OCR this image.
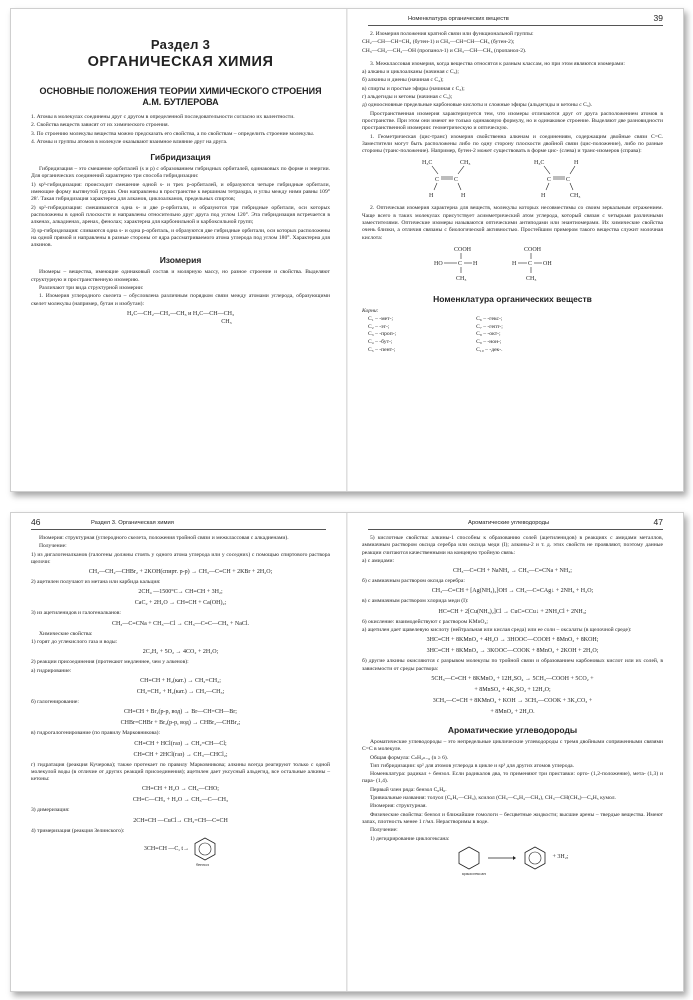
Раздел 3
ОРГАНИЧЕСКАЯ ХИМИЯ
ОСНОВНЫЕ ПОЛОЖЕНИЯ ТЕОРИИ ХИМИЧЕСКОГО СТРОЕНИЯ А.М. БУТЛЕРОВА

1. Атомы в молекулах соединены друг с другом в определенной последовательности согласно их валентности.

2. Свойства веществ зависят от их химического строения.

3. По строению молекулы вещества можно предсказать его свойства, а по свойствам – определить строение молекулы.

4. Атомы и группы атомов в молекуле оказывают взаимное влияние друг на друга.

Гибридизация

Гибридизация – это смешение орбиталей (s и p) с образованием гибридных орбиталей, одинаковых по форме и энергии. Для органических соединений характерно три способа гибридизации:

1) sp³-гибридизация: происходит смешение одной s- и трех p-орбиталей, и образуются четыре гибридные орбитали, имеющие форму вытянутой груши. Они направлены в пространстве к вершинам тетраэдра, и углы между ними равны 109° 28′. Такая гибридизация характерна для алканов, циклоалканов, предельных спиртов;

2) sp²-гибридизация: смешиваются одна s- и две p-орбитали, и образуются три гибридные орбитали, оси которых расположены в одной плоскости и направлены относительно друг друга под углом 120°. Эта гибридизация встречается в алкенах, алкадиенах, аренах, фенолах; характерна для карбонильной и карбоксильной групп;

3) sp-гибридизация: сливаются одна s- и одна p-орбиталь, и образуются две гибридные орбитали, оси которых расположены на одной прямой и направлены в разные стороны от ядра рассматриваемого атома углерода под углом 180°. Характерна для алкинов.

Изомерия

Изомеры – вещества, имеющие одинаковый состав и молярную массу, но разное строение и свойства. Выделяют структурную и пространственную изомерию.

Различают три вида структурной изомерии:

1. Изомерия углеродного скелета – обусловлена различным порядком связи между атомами углерода, образующими скелет молекулы (например, бутан и изобутан):

H₃C—CH₂—CH₂—CH₃ и H₃C—CH—CH₃
CH₃
Номенклатура органических веществ	39

2. Изомерия положения кратной связи или функциональной группы:

CH₂—CH—CH=CH₂ (бутен-1) и CH₃—CH=CH—CH₃ (бутен-2);

CH₃—CH₂—CH₂—OH (пропанол-1) и CH₃—CH—CH₃ (пропанол-2).

3. Межклассовая изомерия, когда вещества относятся к разным классам, но при этом являются изомерами:

а) алканы и циклоалканы (начиная с C₃);

б) алкины и диены (начиная с C₄);

в) спирты и простые эфиры (начиная с C₂);

г) альдегиды и кетоны (начиная с C₃);

д) одноосновные предельные карбоновые кислоты и сложные эфиры (альдегиды и кетоны с C₃).

Пространственная изомерия характеризуется тем, что изомеры отличаются друг от друга расположением атомов в пространстве. При этом они имеют не только одинаковую формулу, но и одинаковое строение. Выделяют две разновидности пространственной изомерии: геометрическую и оптическую.

1. Геометрическая (цис-транс) изомерия свойственна алкенам и соединениям, содержащим двойные связи C=C. Заместители могут быть расположены либо по одну сторону плоскости двойной связи (цис-положение), либо по разные стороны (транс-положение). Например, бутен-2 может существовать в форме цис- (слева) и транс-изомеров (справа):

H₃C	CH₃
C C
H	H
H₃C	H
C C
H	CH₃

2. Оптическая изомерия характерна для веществ, молекулы которых несовместимы со своим зеркальным отражением. Чаще всего в таких молекулах присутствует асимметрический атом углерода, который связан с четырьмя различными заместителями. Оптические изомеры называются оптическими антиподами или энантиомерами. Их химические свойства очень близки, а отличия связаны с биологической активностью. Простейшим примером такого вещества служит молочная кислота:

COOH
HO	C H
CH₃
COOH
H C OH
CH₃
Номенклатура органических веществ

Корни:

C₁ – -мет-;
C₂ – -эт-;
C₃ – -проп-;
C₄ – -бут-;
C₅ – -пент-;
C₆ – -гекс-;
C₇ – -гепт-;
C₈ – -окт-;
C₉ – -нон-;
C₁₀ – -дек-.
46	Раздел 3. Органическая химия

Изомерия: структурная (углеродного скелета, положения тройной связи и межклассовая с алкадиенами).

Получение:

1) из дигалогеналканов (галогены должны стоять у одного атома углерода или у соседних) с помощью спиртового раствора щелочи:

CH₃—CH₂—CHBr₂ + 2KOH(спирт. р-р) → CH₃—C≡CH + 2KBr + 2H₂O;

2) ацетилен получают из метана или карбида кальция:

2CH₄ —1500°C→ CH≡CH + 3H₂;
CaC₂ + 2H₂O → CH≡CH + Ca(OH)₂;

3) из ацетиленидов и галогеналканов:

CH₃—C≡CNa + CH₃—Cl → CH₃—C≡C—CH₃ + NaCl.

Химические свойства:

1) горят до углекислого газа и воды:

2C₂H₂ + 5O₂ → 4CO₂ + 2H₂O;

2) реакции присоединения (протекают медленнее, чем у алкенов):

а) гидрирование:

CH≡CH + H₂(кат.) → CH₂=CH₂;
CH₂=CH₂ + H₂(кат.) → CH₃—CH₃;

б) галогенирование:

CH≡CH + Br₂(р-р, вод) → Br—CH=CH—Br;
CHBr=CHBr + Br₂(р-р, вод) → CHBr₂—CHBr₂;

в) гидрогалогенирование (по правилу Марковникова):

CH≡CH + HCl(газ) → CH₂=CH—Cl;
CH≡CH + 2HCl(газ) → CH₃—CHCl₂;

г) гидратация (реакция Кучерова); также протекает по правилу Марковникова; алкины всегда реагируют только с одной молекулой воды (в отличие от других реакций присоединения); ацетилен дает уксусный альдегид, все остальные алкины – кетоны:

CH≡CH + H₂O → CH₃—CHO;
CH≡C—CH₃ + H₂O → CH₃—C—CH₃

3) димеризация:

2CH≡CH —CuCl→ CH₂=CH—C≡CH

4) тримеризация (реакция Зелинского):

3CH≡CH —C, t→
бензол
Ароматические углеводороды	47

5) кислотные свойства: алкины-1 способны к образованию солей (ацетиленидов) в реакциях с амидами металлов, аммиачным раствором оксида серебра или оксида меди (I); алкины-2 и т. д. этих свойств не проявляют, поэтому данные реакции считаются качественными на концевую тройную связь:

а) с амидами:

CH₃—C≡CH + NaNH₂ → CH₃—C≡CNa + NH₃;

б) с аммиачным раствором оксида серебра:

CH₃—C≡CH + [Ag(NH₃)₂]OH → CH₃—C≡CAg↓ + 2NH₃ + H₂O;

в) с аммиачным раствором хлорида меди (I):

HC≡CH + 2[Cu(NH₃)₂]Cl → CuC≡CCu↓ + 2NH₄Cl + 2NH₃;

6) окисление: взаимодействуют с раствором KMnO₄;

а) ацетилен дает щавелевую кислоту (нейтральная или кислая среда) или ее соли – оксалаты (в щелочной среде):

3HC≡CH + 8KMnO₄ + 4H₂O → 3HOOC—COOH + 8MnO₂ + 8KOH;
3HC≡CH + 8KMnO₄ → 3KOOC—COOK + 8MnO₂ + 2KOH + 2H₂O;

б) другие алкины окисляются с разрывом молекулы по тройной связи и образованием карбоновых кислот или их солей, в зависимости от среды раствора:

5CH₃—C≡CH + 8KMnO₄ + 12H₂SO₄ → 5CH₃—COOH + 5CO₂ +
+ 8MnSO₄ + 4K₂SO₄ + 12H₂O;
3CH₃—C≡CH + 8KMnO₄ + KOH → 3CH₃—COOK + 3K₂CO₃ +
+ 8MnO₂ + 2H₂O.
Ароматические углеводороды

Ароматические углеводороды – это непредельные циклические углеводороды с тремя двойными сопряженными связями C=C в молекуле.

Общая формула: CₙH₂ₙ₋₆ (n ≥ 6).

Тип гибридизации: sp² для атомов углерода в цикле и sp³ для других атомов углерода.

Номенклатура: радикал + бензол. Если радикалов два, то применяют три приставки: орто- (1,2-положение), мета- (1,3) и пара- (1,4).

Первый член ряда: бензол C₆H₆.

Тривиальные названия: толуол (C₆H₅—CH₃), ксилол (CH₃—C₆H₄—CH₃), CH₃—CH(CH₃)—C₆H₅ кумол.

Изомерия: структурная.

Физические свойства: бензол и ближайшие гомологи – бесцветные жидкости; высшие арены – твердые вещества. Имеют запах, плотность менее 1 г/мл. Нерастворимы в воде.

Получение:

1) дегидрирование циклогексана:

+ 3H₂;
циклогексан
